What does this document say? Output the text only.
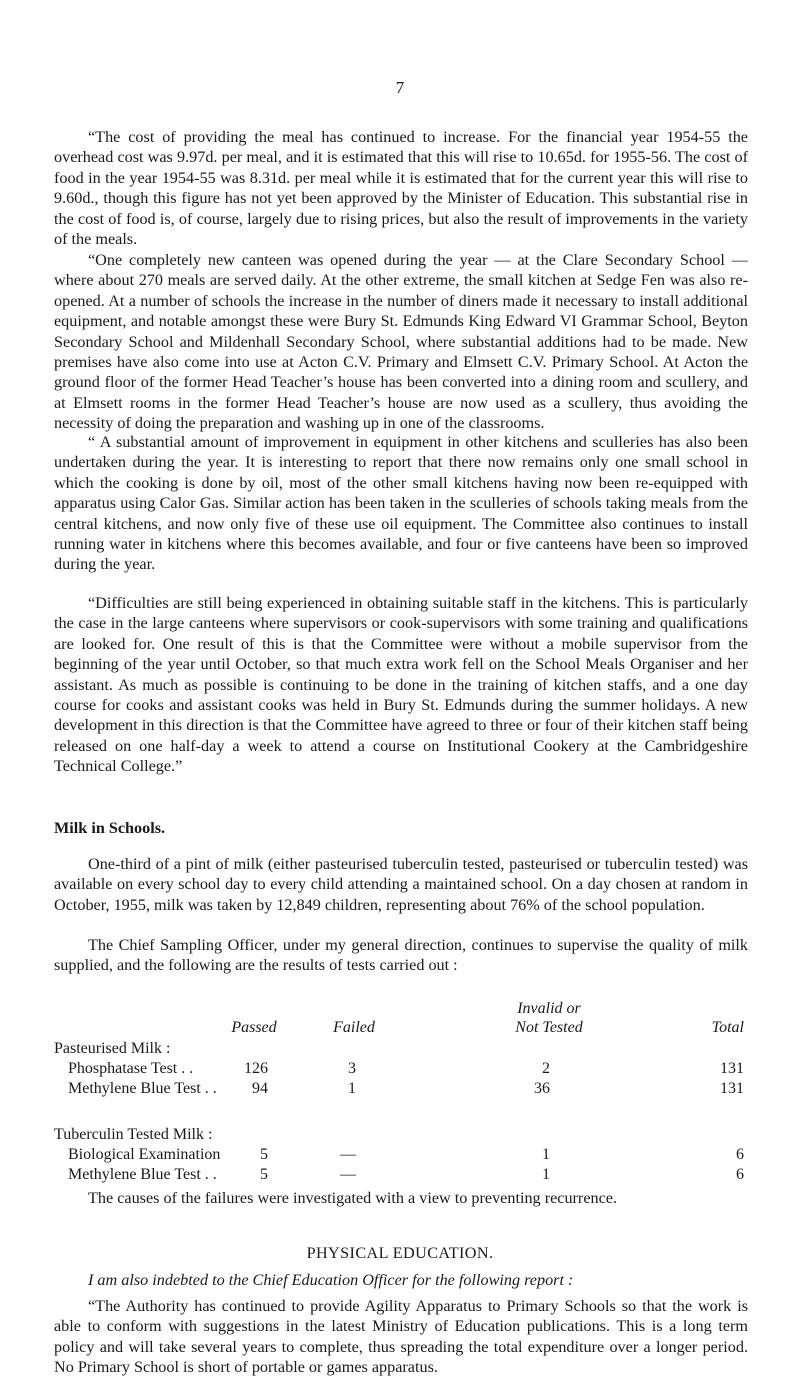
7

“The cost of providing the meal has continued to increase. For the financial year 1954-55 the overhead cost was 9.97d. per meal, and it is estimated that this will rise to 10.65d. for 1955-56. The cost of food in the year 1954-55 was 8.31d. per meal while it is estimated that for the current year this will rise to 9.60d., though this figure has not yet been approved by the Minister of Education. This substantial rise in the cost of food is, of course, largely due to rising prices, but also the result of improvements in the variety of the meals.

“One completely new canteen was opened during the year — at the Clare Secondary School — where about 270 meals are served daily. At the other extreme, the small kitchen at Sedge Fen was also re-opened. At a number of schools the increase in the number of diners made it necessary to install additional equipment, and notable amongst these were Bury St. Edmunds King Edward VI Grammar School, Beyton Secondary School and Mildenhall Secondary School, where substantial additions had to be made. New premises have also come into use at Acton C.V. Primary and Elmsett C.V. Primary School. At Acton the ground floor of the former Head Teacher’s house has been converted into a dining room and scullery, and at Elmsett rooms in the former Head Teacher’s house are now used as a scullery, thus avoiding the necessity of doing the preparation and washing up in one of the classrooms.

“ A substantial amount of improvement in equipment in other kitchens and sculleries has also been undertaken during the year. It is interesting to report that there now remains only one small school in which the cooking is done by oil, most of the other small kitchens having now been re-equipped with apparatus using Calor Gas. Similar action has been taken in the sculleries of schools taking meals from the central kitchens, and now only five of these use oil equipment. The Committee also continues to install running water in kitchens where this becomes available, and four or five canteens have been so improved during the year.

“Difficulties are still being experienced in obtaining suitable staff in the kitchens. This is particularly the case in the large canteens where supervisors or cook-supervisors with some training and qualifications are looked for. One result of this is that the Committee were without a mobile supervisor from the beginning of the year until October, so that much extra work fell on the School Meals Organiser and her assistant. As much as possible is continuing to be done in the training of kitchen staffs, and a one day course for cooks and assistant cooks was held in Bury St. Edmunds during the summer holidays. A new development in this direction is that the Committee have agreed to three or four of their kitchen staff being released on one half-day a week to attend a course on Institutional Cookery at the Cambridgeshire Technical College.”

Milk in Schools.

One-third of a pint of milk (either pasteurised tuberculin tested, pasteurised or tuberculin tested) was available on every school day to every child attending a maintained school. On a day chosen at random in October, 1955, milk was taken by 12,849 children, representing about 76% of the school population.

The Chief Sampling Officer, under my general direction, continues to supervise the quality of milk supplied, and the following are the results of tests carried out :

Invalid or
Passed	Failed	Not Tested	Total
Pasteurised Milk :
Phosphatase Test . .	126	3	2	131
Methylene Blue Test . .	94	1	36	131
Tuberculin Tested Milk :
Biological Examination	5	—	1	6
Methylene Blue Test . .	5	—	1	6

The causes of the failures were investigated with a view to preventing recurrence.

PHYSICAL EDUCATION.
I am also indebted to the Chief Education Officer for the following report :

“The Authority has continued to provide Agility Apparatus to Primary Schools so that the work is able to conform with suggestions in the latest Ministry of Education publications. This is a long term policy and will take several years to complete, thus spreading the total expenditure over a longer period. No Primary School is short of portable or games apparatus.
